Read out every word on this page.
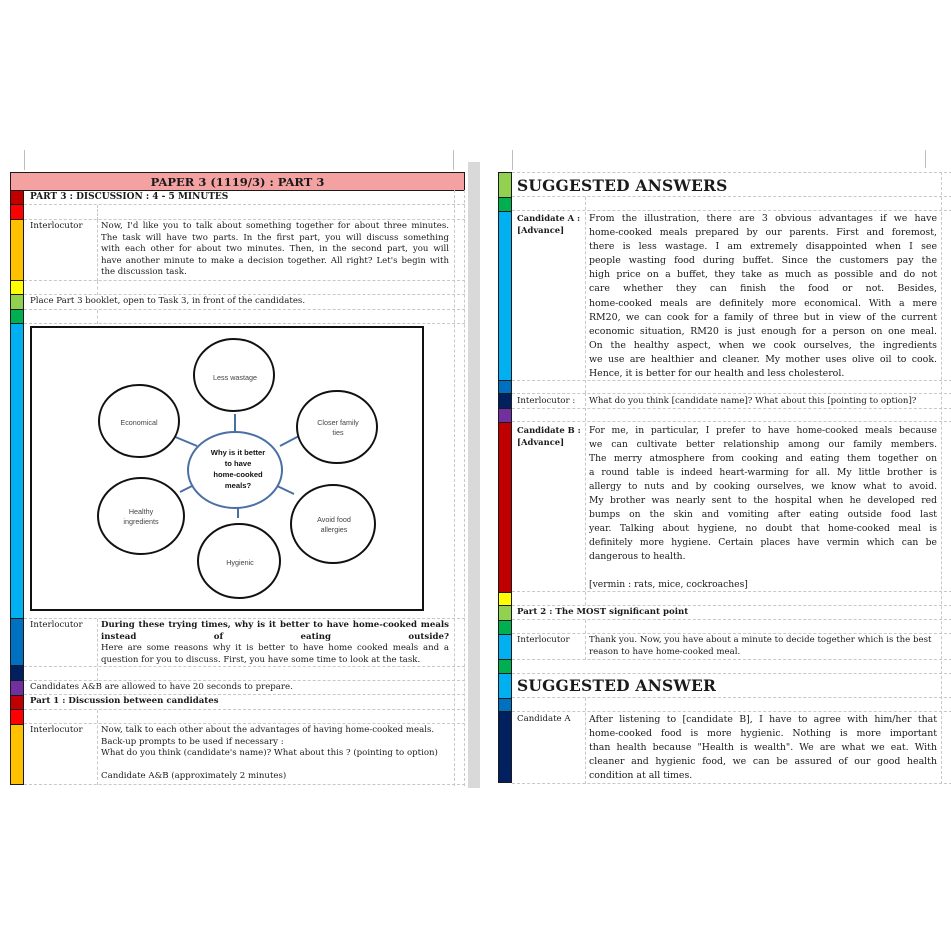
PAPER 3 (1119/3) : PART 3
PART 3 : DISCUSSION : 4 - 5 MINUTES
Interlocutor Now, I'd like you to talk about something together for about three minutes.
The task will have two parts. In the first part, you will discuss something
with each other for about two minutes. Then, in the second part, you will
have another minute to make a decision together. All right? Let's begin with
the discussion task.
Place Part 3 booklet, open to Task 3, in front of the candidates.
Why is it better
to have
home-cooked
meals?
Less wastage
Economical	Closer family
ties
Healthy
ingredients	Avoid food
allergies
Hygienic
Interlocutor During these trying times, why is it better to have home-cooked meals
instead of eating outside?
Here are some reasons why it is better to have home cooked meals and a
question for you to discuss. First, you have some time to look at the task.
Candidates A&B are allowed to have 20 seconds to prepare.
Part 1 : Discussion between candidates
Interlocutor Now, talk to each other about the advantages of having home-cooked meals.
Back-up prompts to be used if necessary :
What do you think (candidate's name)? What about this ? (pointing to option)
Candidate A&B (approximately 2 minutes)
SUGGESTED ANSWERS
Candidate A :
[Advance]
From the illustration, there are 3 obvious advantages if we have
home-cooked meals prepared by our parents. First and foremost,
there is less wastage. I am extremely disappointed when I see
people wasting food during buffet. Since the customers pay the
high price on a buffet, they take as much as possible and do not
care whether they can finish the food or not. Besides,
home-cooked meals are definitely more economical. With a mere
RM20, we can cook for a family of three but in view of the current
economic situation, RM20 is just enough for a person on one meal.
On the healthy aspect, when we cook ourselves, the ingredients
we use are healthier and cleaner. My mother uses olive oil to cook.
Hence, it is better for our health and less cholesterol.
Interlocutor : What do you think [candidate name]? What about this [pointing to option]?
Candidate B :
[Advance]
For me, in particular, I prefer to have home-cooked meals because
we can cultivate better relationship among our family members.
The merry atmosphere from cooking and eating them together on
a round table is indeed heart-warming for all. My little brother is
allergy to nuts and by cooking ourselves, we know what to avoid.
My brother was nearly sent to the hospital when he developed red
bumps on the skin and vomiting after eating outside food last
year. Talking about hygiene, no doubt that home-cooked meal is
definitely more hygiene. Certain places have vermin which can be
dangerous to health.
[vermin : rats, mice, cockroaches]
Part 2 : The MOST significant point
Interlocutor Thank you. Now, you have about a minute to decide together which is the best
reason to have home-cooked meal.
SUGGESTED ANSWER
Candidate A After listening to [candidate B], I have to agree with him/her that
home-cooked food is more hygienic. Nothing is more important
than health because "Health is wealth". We are what we eat. With
cleaner and hygienic food, we can be assured of our good health
condition at all times.
